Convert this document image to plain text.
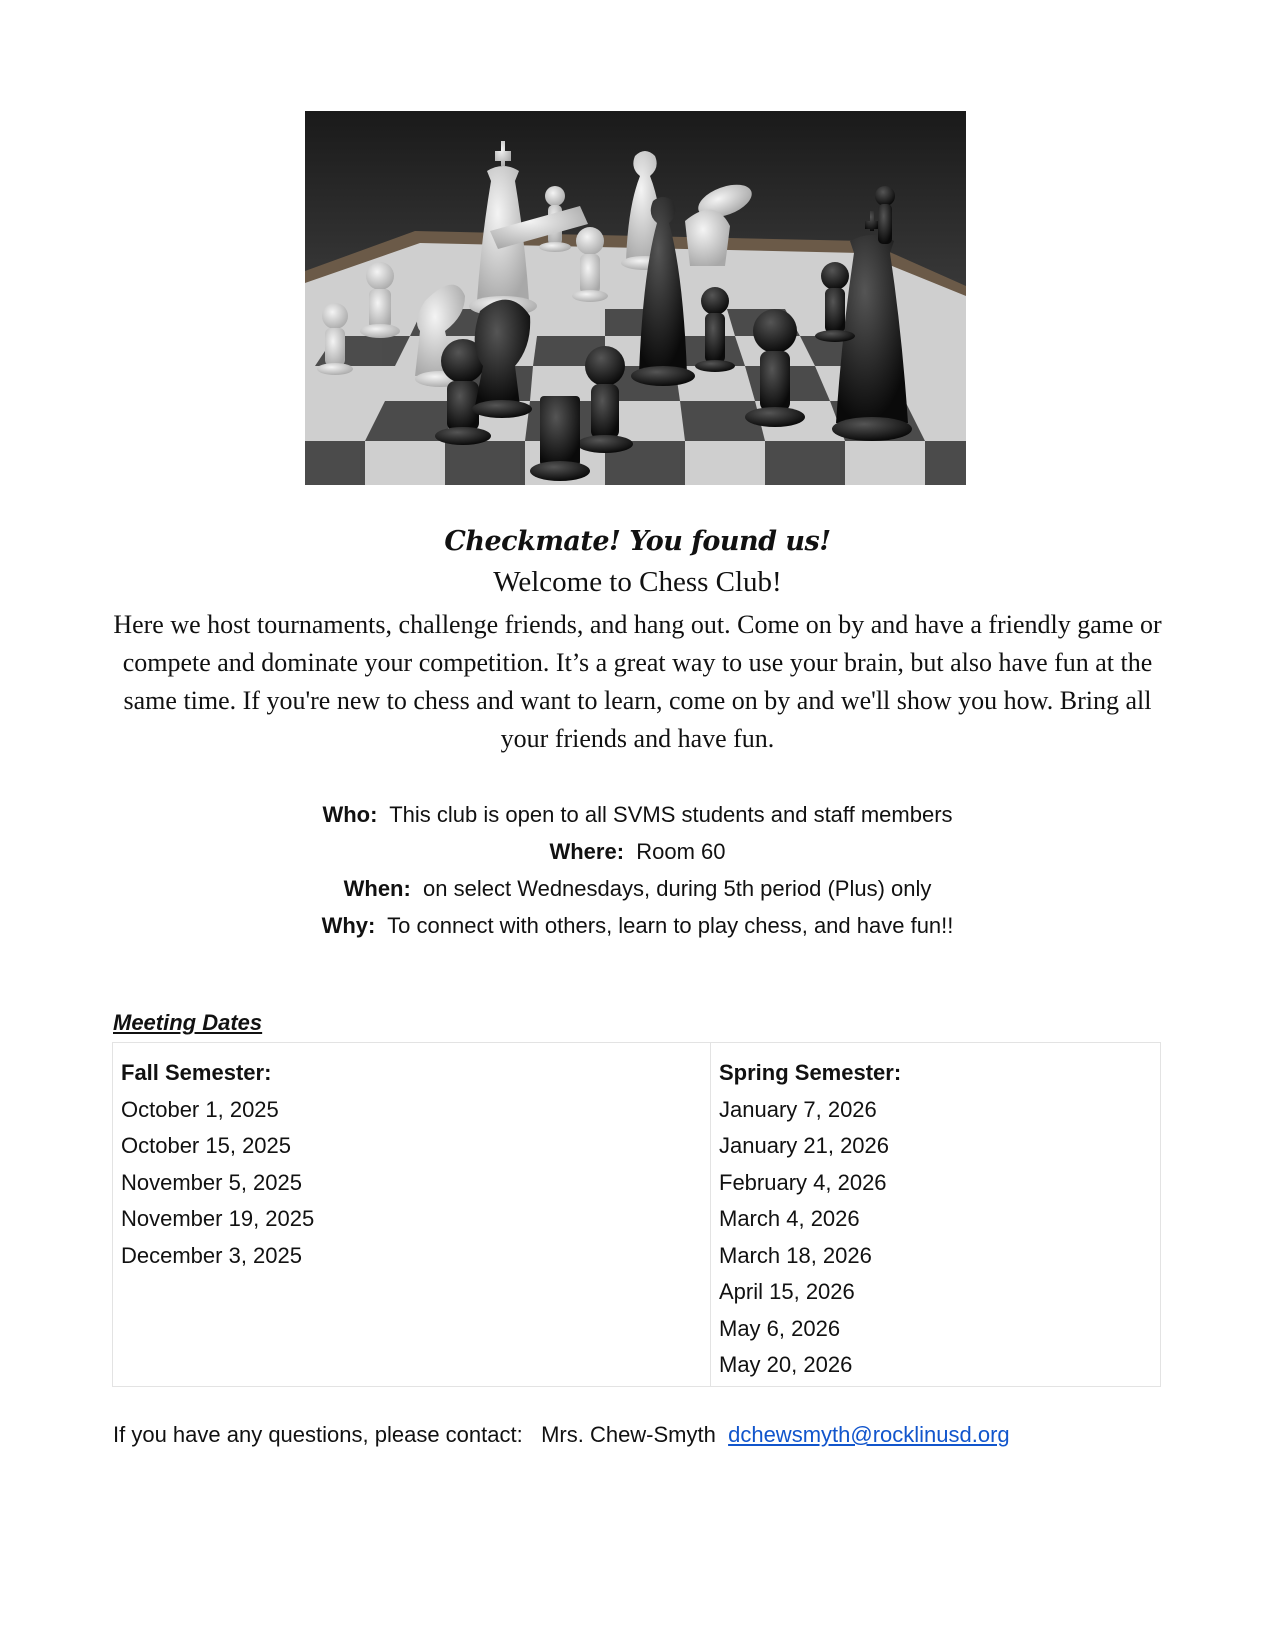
Checkmate! You found us!
Welcome to Chess Club!
Here we host tournaments, challenge friends, and hang out. Come on by and have a friendly game or compete and dominate your competition. It’s a great way to use your brain, but also have fun at the same time. If you're new to chess and want to learn, come on by and we'll show you how. Bring all your friends and have fun.
Who: This club is open to all SVMS students and staff members
Where: Room 60
When: on select Wednesdays, during 5th period (Plus) only
Why: To connect with others, learn to play chess, and have fun!!
Meeting Dates
Fall Semester:
October 1, 2025
October 15, 2025
November 5, 2025
November 19, 2025
December 3, 2025
Spring Semester:
January 7, 2026
January 21, 2026
February 4, 2026
March 4, 2026
March 18, 2026
April 15, 2026
May 6, 2026
May 20, 2026
If you have any questions, please contact: Mrs. Chew-Smyth dchewsmyth@rocklinusd.org
